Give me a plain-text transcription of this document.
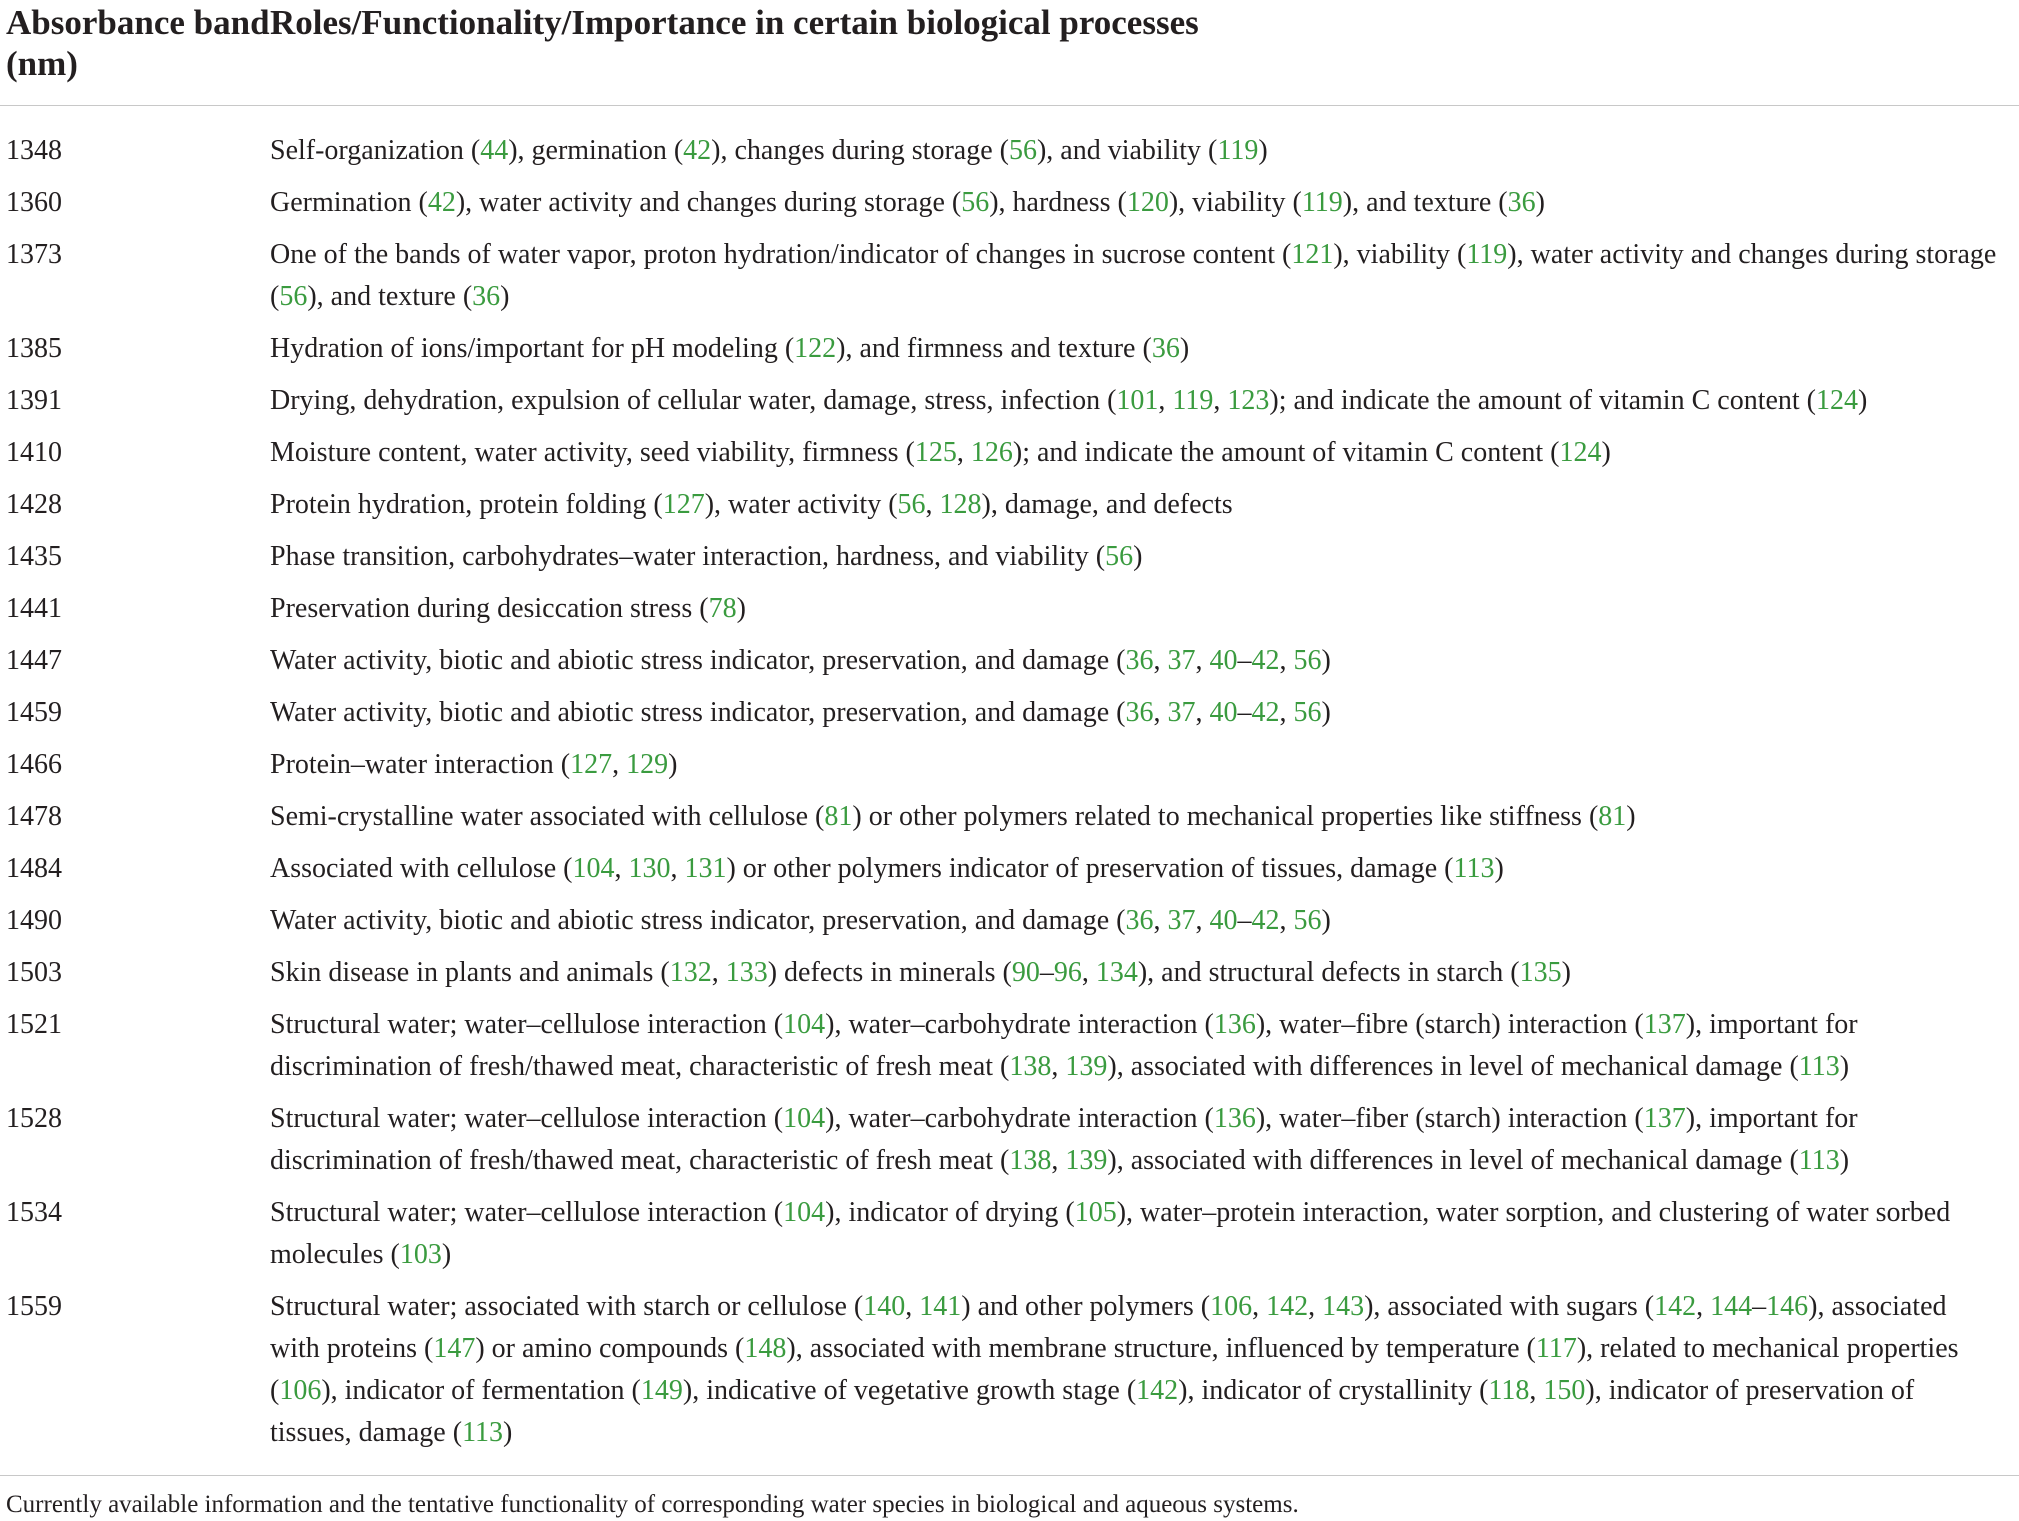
Absorbance band (nm)	Roles/Functionality/Importance in certain biological processes
1348	Self-organization (44), germination (42), changes during storage (56), and viability (119)
1360	Germination (42), water activity and changes during storage (56), hardness (120), viability (119), and texture (36)
1373	One of the bands of water vapor, proton hydration/indicator of changes in sucrose content (121), viability (119), water activity and changes during storage (56), and texture (36)
1385	Hydration of ions/important for pH modeling (122), and firmness and texture (36)
1391	Drying, dehydration, expulsion of cellular water, damage, stress, infection (101, 119, 123); and indicate the amount of vitamin C content (124)
1410	Moisture content, water activity, seed viability, firmness (125, 126); and indicate the amount of vitamin C content (124)
1428	Protein hydration, protein folding (127), water activity (56, 128), damage, and defects
1435	Phase transition, carbohydrates–water interaction, hardness, and viability (56)
1441	Preservation during desiccation stress (78)
1447	Water activity, biotic and abiotic stress indicator, preservation, and damage (36, 37, 40–42, 56)
1459	Water activity, biotic and abiotic stress indicator, preservation, and damage (36, 37, 40–42, 56)
1466	Protein–water interaction (127, 129)
1478	Semi-crystalline water associated with cellulose (81) or other polymers related to mechanical properties like stiffness (81)
1484	Associated with cellulose (104, 130, 131) or other polymers indicator of preservation of tissues, damage (113)
1490	Water activity, biotic and abiotic stress indicator, preservation, and damage (36, 37, 40–42, 56)
1503	Skin disease in plants and animals (132, 133) defects in minerals (90–96, 134), and structural defects in starch (135)
1521	Structural water; water–cellulose interaction (104), water–carbohydrate interaction (136), water–fibre (starch) interaction (137), important for discrimination of fresh/thawed meat, characteristic of fresh meat (138, 139), associated with differences in level of mechanical damage (113)
1528	Structural water; water–cellulose interaction (104), water–carbohydrate interaction (136), water–fiber (starch) interaction (137), important for discrimination of fresh/thawed meat, characteristic of fresh meat (138, 139), associated with differences in level of mechanical damage (113)
1534	Structural water; water–cellulose interaction (104), indicator of drying (105), water–protein interaction, water sorption, and clustering of water sorbed molecules (103)
1559	Structural water; associated with starch or cellulose (140, 141) and other polymers (106, 142, 143), associated with sugars (142, 144–146), associated with proteins (147) or amino compounds (148), associated with membrane structure, influenced by temperature (117), related to mechanical properties (106), indicator of fermentation (149), indicative of vegetative growth stage (142), indicator of crystallinity (118, 150), indicator of preservation of tissues, damage (113)
Currently available information and the tentative functionality of corresponding water species in biological and aqueous systems.
